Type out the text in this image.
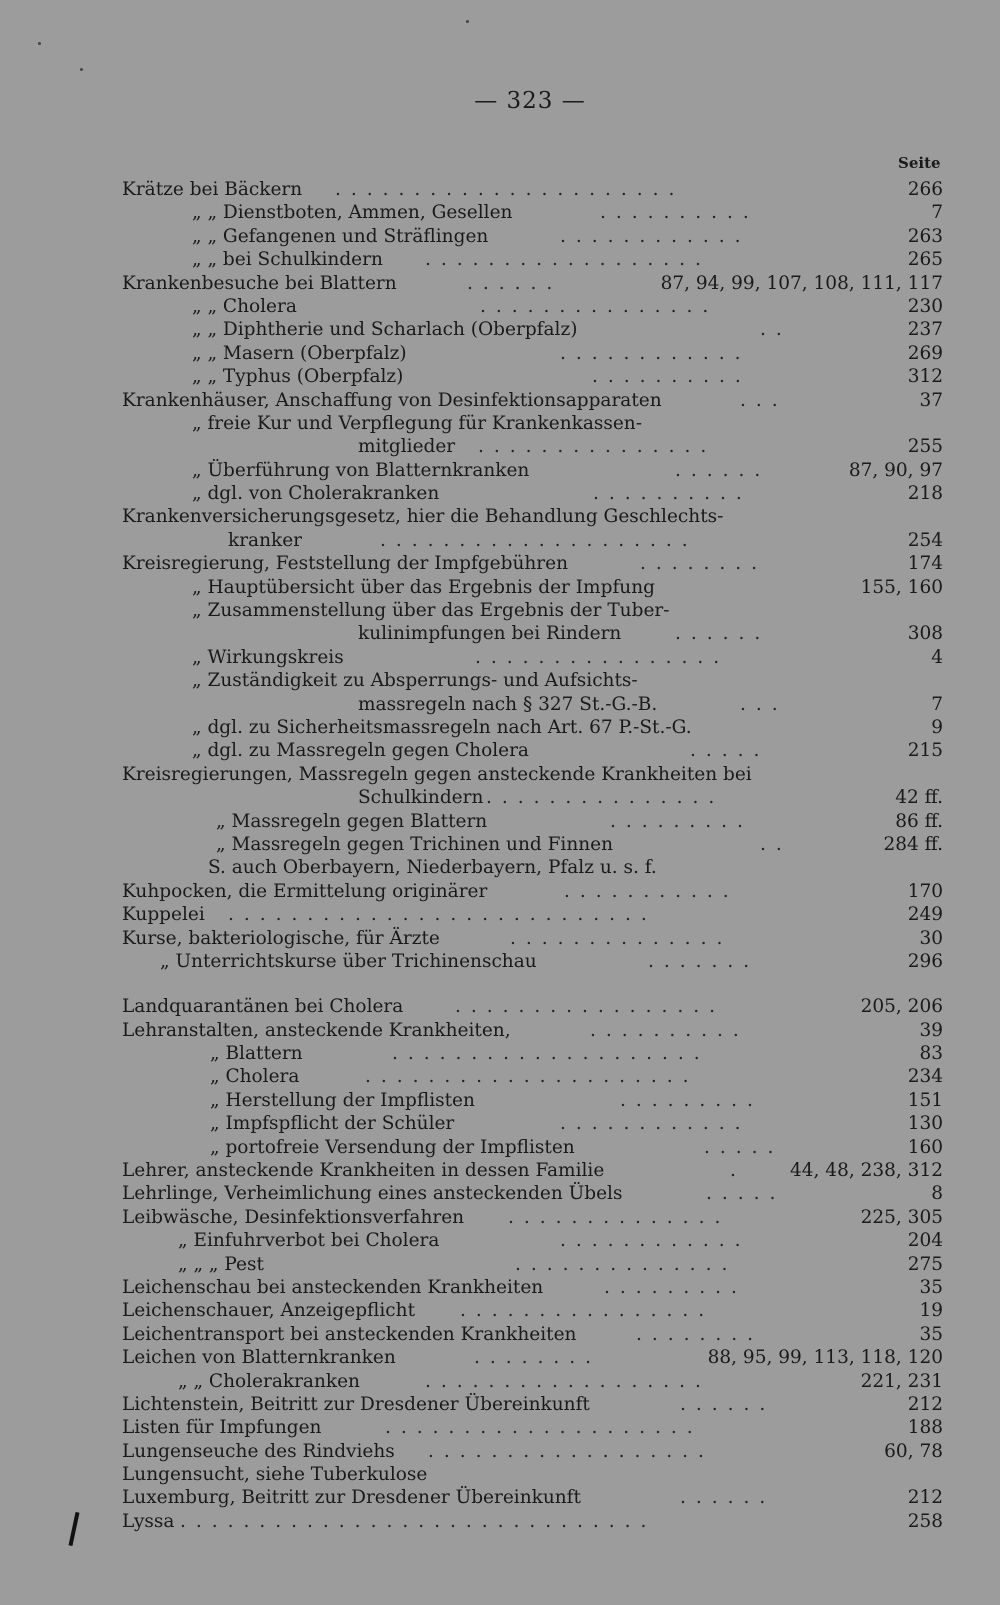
— 323 —
Seite
Krätze bei Bäckern ......................	266
„ „ Dienstboten, Ammen, Gesellen	..........	7
„ „ Gefangenen und Sträflingen	............	263
„ „ bei Schulkindern ..................	265
Krankenbesuche bei Blattern	......	87, 94, 99, 107, 108, 111, 117
„ „ Cholera	...............	230
„ „ Diphtherie und Scharlach (Oberpfalz)	..	237
„ „ Masern (Oberpfalz)	............	269
„ „ Typhus (Oberpfalz)	..........	312
Krankenhäuser, Anschaffung von Desinfektionsapparaten	...	37
„ freie Kur und Verpflegung für Krankenkassen-
mitglieder ...............	255
„ Überführung von Blatternkranken	......	87, 90, 97
„ dgl. von Cholerakranken	..........	218
Krankenversicherungsgesetz, hier die Behandlung Geschlechts-
kranker	....................	254
Kreisregierung, Feststellung der Impfgebühren	........	174
„ Hauptübersicht über das Ergebnis der Impfung	155, 160
„ Zusammenstellung über das Ergebnis der Tuber-
kulinimpfungen bei Rindern	......	308
„ Wirkungskreis	................	4
„ Zuständigkeit zu Absperrungs- und Aufsichts-
massregeln nach § 327 St.-G.-B.	...	7
„ dgl. zu Sicherheitsmassregeln nach Art. 67 P.-St.-G.	9
„ dgl. zu Massregeln gegen Cholera	.....	215
Kreisregierungen, Massregeln gegen ansteckende Krankheiten bei
Schulkindern ...............	42 ff.
„ Massregeln gegen Blattern	.........	86 ff.
„ Massregeln gegen Trichinen und Finnen	..	284 ff.
S. auch Oberbayern, Niederbayern, Pfalz u. s. f.
Kuhpocken, die Ermittelung originärer	...........	170
Kuppelei ...........................	249
Kurse, bakteriologische, für Ärzte	..............	30
„ Unterrichtskurse über Trichinenschau	.......	296
Landquarantänen bei Cholera	.................	205, 206
Lehranstalten, ansteckende Krankheiten,	..........	39
„ Blattern	....................	83
„ Cholera	.....................	234
„ Herstellung der Impflisten	.........	151
„ Impfspflicht der Schüler	............	130
„ portofreie Versendung der Impflisten	.....	160
Lehrer, ansteckende Krankheiten in dessen Familie	. 44, 48, 238, 312
Lehrlinge, Verheimlichung eines ansteckenden Übels	.....	8
Leibwäsche, Desinfektionsverfahren ..............	225, 305
„ Einfuhrverbot bei Cholera	............	204
„ „ „ Pest	..............	275
Leichenschau bei ansteckenden Krankheiten	.........	35
Leichenschauer, Anzeigepflicht ................	19
Leichentransport bei ansteckenden Krankheiten	........	35
Leichen von Blatternkranken	........	88, 95, 99, 113, 118, 120
„ „ Cholerakranken	..................	221, 231
Lichtenstein, Beitritt zur Dresdener Übereinkunft	......	212
Listen für Impfungen	....................	188
Lungenseuche des Rindviehs ..................	60, 78
Lungensucht, siehe Tuberkulose
Luxemburg, Beitritt zur Dresdener Übereinkunft	......	212
Lyssa ..............................	258
